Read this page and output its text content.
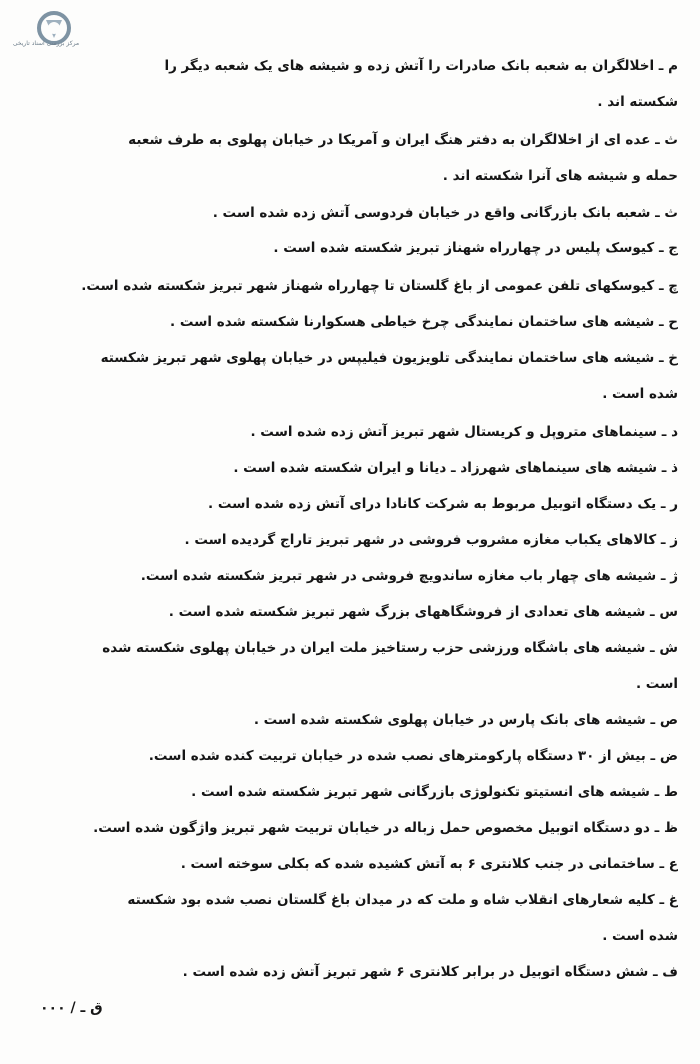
مرکز بررسی اسناد تاریخی
م ـ اخلالگران به شعبه بانک صادرات را آتش زده و شیشه های یک شعبه دیگر را
شکسته اند .
ث ـ عده ای از اخلالگران به دفتر هنگ ایران و آمریکا در خیابان پهلوی به طرف شعبه
حمله و شیشه های آنرا شکسته اند .
ث ـ شعبه بانک بازرگانی واقع در خیابان فردوسی آتش زده شده است .
ج ـ کیوسک پلیس در چهارراه شهناز تبریز شکسته شده است .
چ ـ کیوسکهای تلفن عمومی از باغ گلستان تا چهارراه شهناز شهر تبریز شکسته شده است.
ح ـ شیشه های ساختمان نمایندگی چرخ خیاطی هسکوارنا شکسته شده است .
خ ـ شیشه های ساختمان نمایندگی تلویزیون فیلیپس در خیابان پهلوی شهر تبریز شکسته
شده است .
د ـ سینماهای متروپل و کریستال شهر تبریز آتش زده شده است .
ذ ـ شیشه های سینماهای شهرزاد ـ دیانا و ایران شکسته شده است .
ر ـ یک دستگاه اتوبیل مربوط به شرکت کانادا درای آتش زده شده است .
ز ـ کالاهای یکباب مغازه مشروب فروشی در شهر تبریز تاراج گردیده است .
ژ ـ شیشه های چهار باب مغازه ساندویچ فروشی در شهر تبریز شکسته شده است.
س ـ شیشه های تعدادی از فروشگاههای بزرگ شهر تبریز شکسته شده است .
ش ـ شیشه های باشگاه ورزشی حزب رستاخیز ملت ایران در خیابان پهلوی شکسته شده
است .
ص ـ شیشه های بانک پارس در خیابان پهلوی شکسته شده است .
ض ـ بیش از ۳۰ دستگاه پارکومترهای نصب شده در خیابان تربیت کنده شده است.
ط ـ شیشه های انستیتو تکنولوژی بازرگانی شهر تبریز شکسته شده است .
ظ ـ دو دستگاه اتوبیل مخصوص حمل زباله در خیابان تربیت شهر تبریز واژگون شده است.
ع ـ ساختمانی در جنب کلانتری ۶ به آتش کشیده شده که بکلی سوخته است .
غ ـ کلیه شعارهای انقلاب شاه و ملت که در میدان باغ گلستان نصب شده بود شکسته
شده است .
ف ـ شش دستگاه اتوبیل در برابر کلانتری ۶ شهر تبریز آتش زده شده است .
ق ـ / ۰۰۰
